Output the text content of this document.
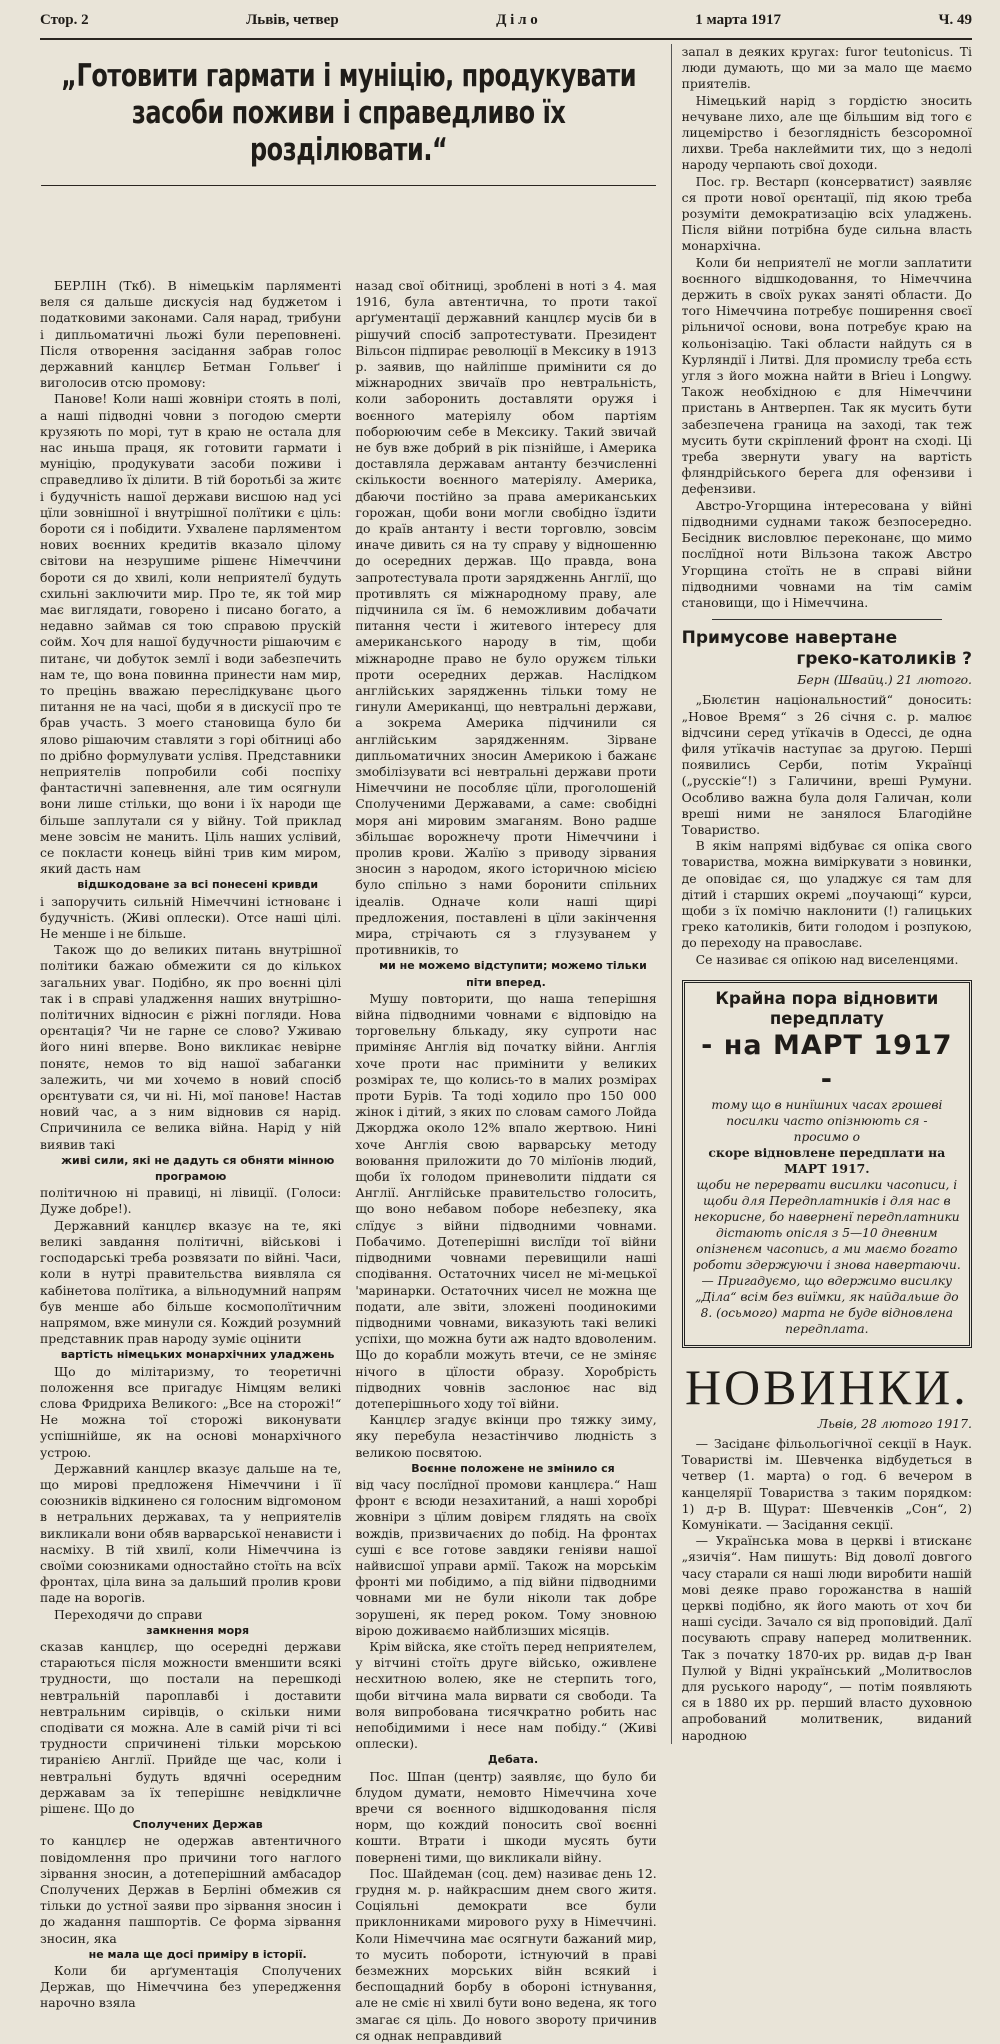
Стор. 2	Львів, четвер	Д і л о	1 марта 1917	Ч. 49
„Готовити гармати і муніцію, продукувати засоби поживи і справедливо їх розділювати.“

запал в деяких кругах: furor teutonicus. Ті люди думають, що ми за мало ще маємо приятелів.

Німецький нарід з гордістю зносить нечуване лихо, але ще більшим від того є лицемірство і безоглядність безсоромної лихви. Треба наклеймити тих, що з недолі народу черпають свої доходи.

Пос. гр. Вестарп (консерватист) заявляє ся проти нової орєнтації, під якою треба розуміти демократизацію всіх уладжень. Після війни потрібна буде сильна власть монархічна.

Коли би неприятелї не могли заплатити воєнного відшкодовання, то Німеччина держить в своїх руках заняті области. До того Німеччина потребує поширення своєї рільничої основи, вона потребує краю на кольонізацію. Такі области найдуть ся в Курляндії і Литві. Для промислу треба єсть угля з його можна найти в Brieu і Longwy. Також необхідною є для Німеччини пристань в Антверпен. Так як мусить бути забезпечена граница на заході, так теж мусить бути скріплений фронт на сході. Ці треба звернути увагу на вартість фляндрійського берега для офензиви і дефензиви.

Австро-Угорщина інтересована у війні підводними суднами також безпосередно. Бесідник висловлює переконанє, що мимо послїдної ноти Вільзона також Австро Угорщина стоїть не в справі війни підводними човнами на тім самім становищи, що і Німеччина.

Примусове навертане
греко-католиків ?
Берн (Швайц.) 21 лютого.

„Бюлєтин національностий“ доносить: „Новое Время“ з 26 січня с. р. малює відчсини серед утїкачів в Одессі, де одна филя утїкачів наступає за другою. Перші появились Серби, потім Українці („русскіе“!) з Галичини, вреші Румуни. Особливо важна була доля Галичан, коли вреші ними не занялося Благодійне Товариство.

В якім напрямі відбуває ся опіка свого товариства, можна виміркувати з новинки, де оповідає ся, що уладжує ся там для дітий і старших окремі „поучающі“ курси, щоби з їх помічю наклонити (!) галицьких греко католиків, бити голодом і розпукою, до переходу на православє.

Се називає ся опікою над виселенцями.

Крайна пора відновити передплату
- на МАРТ 1917 -
тому що в нинїшних часах грошеві посилки часто опізнюють ся -
просимо о
скоре відновлене передплати на МАРТ 1917.
щоби не перервати висилки часописи, і щоби для Передплатників і для нас в некорисне, бо наверненї передплатники дістають опісля з 5—10 дневним опізненєм часопись, а ми маємо богато роботи здержуючи і знова навертаючи. — Пригадуємо, що вдержимо висилку „Діла“ всім без виїмки, як найдальше до 8. (осьмого) марта не буде відновлена передплата.
НОВИНКИ.
Львів, 28 лютого 1917.

— Засіданє фільольогічної секції в Наук. Товаристві ім. Шевченка відбудеться в четвер (1. марта) о год. 6 вечером в канцелярії Товариства з таким порядком: 1) д-р В. Щурат: Шевченків „Сон“, 2) Комунікати. — Засідання секції.

— Українська мова в церкві і втисканє „язичія“. Нам пишуть: Від доволї довгого часу старали ся наші люди виробити нашій мові деяке право горожанства в нашій церкві подібно, як його мають от хоч би наші сусіди. Зачало ся від проповідий. Далї посувають справу наперед молитвенник. Так з початку 1870-их рр. видав д-р Іван Пулюй у Відні український „Молитвослов для руського народу“, — потім появляють ся в 1880 их рр. перший власто духовною апробований молитвеник, виданий народною

БЕРЛІН (Ткб). В німецькім парляменті веля ся дальше дискусія над буджетом і податковими законами. Саля нарад, трибуни і дипльоматичні льожі були переповнені. Після отворення засідання забрав голос державний канцлєр Бетман Гольвеґ і виголосив отсю промову:

Панове! Коли наші жовніри стоять в полі, а наші підводні човни з погодою смерти крузяють по морі, тут в краю не остала для нас иньша праця, як готовити гармати і муніцію, продукувати засоби поживи і справедливо їх ділити. В тій боротьбі за житє і будучність нашої держави висшою над усі цїли зовнішної і внутрішної полїтики є ціль: бороти ся і побідити. Ухвалене парляментом нових воєнних кредитів вказало цілому світови на незрушиме рішенє Німеччини бороти ся до хвилі, коли неприятелї будуть схильні заключити мир. Про те, як той мир має виглядати, говорено і писано богато, а недавно займав ся тою справою прускій сойм. Хоч для нашої будучности рішаючим є питанє, чи добуток землї і води забезпечить нам те, що вона повинна принести нам мир, то прецінь вважаю переслідкуванє цього питання не на часі, щоби я в дискусії про те брав участь. З моего становища було би ялово рішаючим ставляти з горі обітниці або по дрібно формулувати услівя. Представники неприятелів попробили собі поспіху фантастичні запевнення, але тим осягнули вони лише стільки, що вони і їх народи ще більше заплутали ся у війну. Той приклад мене зовсім не манить. Ціль наших услівий, се покласти конець війні трив ким миром, який дасть нам

відшкодоване за всі понесені кривди

і запоручить сильній Німеччині істнованє і будучність. (Живі оплески). Отсе наші цілі. Не менше і не більше.

Також що до великих питань внутрішної політики бажаю обмежити ся до кількох загальних уваг. Подібно, як про воєнні цілі так і в справі уладження наших внутрішно-політичних відносин є ріжні погляди. Нова орєнтація? Чи не гарне се слово? Уживаю його нині вперве. Воно викликає невірне понятє, немов то від нашої забаганки залежить, чи ми хочемо в новий спосіб орєнтувати ся, чи ні. Ні, мої панове! Настав новий час, а з ним відновив ся нарід. Спричинила се велика війна. Нарід у ній виявив такі

живі сили, які не дадуть ся обняти мінною програмою

політичною ні правиці, ні лівиції. (Голоси: Дуже добре!).

Державний канцлєр вказує на те, які великі завдання політичні, військові і господарські треба розвязати по війні. Часи, коли в нутрі правительства виявляла ся кабінетова полїтика, а вільнодумний напрям був менше або більше космополїтичним напрямом, вже минули ся. Кождий розумний представник прав народу зуміє оцінити

вартість німецьких монархічних уладжень

Що до мілітаризму, то теоретичні положення все пригадує Німцям великі слова Фридриха Великого: „Все на сторожі!“ Не можна тої сторожі виконувати успішнійше, як на основі монархічного устрою.

Державний канцлєр вказує дальше на те, що мирові предложеня Німеччини і її союзників відкинено ся голосним відгомоном в нетральних державах, та у неприятелів викликали вони обяв варварської ненависти і насміху. В тій хвилї, коли Німеччина із своїми союзниками одностайно стоїть на всїх фронтах, ціла вина за дальший пролив крови паде на ворогів.

Переходячи до справи

замкнення моря

сказав канцлєр, що осередні держави стараються після можности вменшити всякі трудности, що постали на перешкоді невтральній пароплавбі і доставити невтральним сирівців, о скільки ними сподівати ся можна. Але в самій річи ті всі трудности спричинені тільки морською тиранією Англії. Прийде ще час, коли і невтральні будуть вдячні осередним державам за їх теперішнє невідкличне рішенє. Що до

Сполучених Держав

то канцлєр не одержав автентичного повідомлення про причини того наглого зірвання зносин, а дотеперішний амбасадор Сполучених Держав в Берліні обмежив ся тільки до устної заяви про зірвання зносин і до жадання пашпортів. Се форма зірвання зносин, яка

не мала ще досі приміру в історії.

Коли би арґументація Сполучених Держав, що Німеччина без упередження нарочно взяла

назад свої обітниці, зроблені в ноті з 4. мая 1916, була автентична, то проти такої арґументації державний канцлєр мусів би в рішучий спосіб запротестувати. Президент Вільсон підпирає революції в Мексику в 1913 р. заявив, що найліпше примінити ся до міжнародних звичаїв про невтральність, коли заборонить доставляти оружя і воєнного матеріялу обом партіям поборюючим себе в Мексику. Такий звичай не був вже добрий в рік пізнійше, і Америка доставляла державам антанту безчисленні скількости воєнного матеріялу. Америка, дбаючи постійно за права американських горожан, щоби вони могли свобідно їздити до країв антанту і вести торговлю, зовсім иначе дивить ся на ту справу у відношенню до осередних держав. Що правда, вона запротестувала проти зарядженнь Англії, що противлять ся міжнародному праву, але підчинила ся їм. 6 неможливим добачати питання чести і житевого інтересу для американського народу в тім, щоби міжнародне право не було оружєм тільки проти осередних держав. Наслідком англійських зарядженнь тільки тому не гинули Американці, що невтральні держави, а зокрема Америка підчинили ся англійським зарядженням. Зірване дипльоматичних зносин Америкою і бажанє змобілізувати всі невтральні держави проти Німеччини не пособляє цїли, проголошеній Сполученими Державами, а саме: свобідні моря ані мировим змаганям. Воно радше збільшає ворожнечу проти Німеччини і пролив крови. Жалїю з приводу зірвания зносин з народом, якого історичною місією було спільно з нами боронити спільних ідеалів. Одначе коли наші щирі предложения, поставлені в цїли закінчення мира, стрічають ся з глузуванем у противників, то

ми не можемо відступити; можемо тільки піти вперед.

Мушу повторити, що наша теперішня війна підводними човнами є відповідю на торговельну блькаду, яку супроти нас приміняє Англія від початку війни. Англія хоче проти нас примінити у великих розмірах те, що колись-то в малих розмірах проти Бурів. Та тоді ходило про 150 000 жінок і дітий, з яких по словам самого Лойда Джорджа около 12% впало жертвою. Нині хоче Англія свою варварську методу воювання приложити до 70 мілїонів людий, щоби їх голодом приневолити піддати ся Англії. Англійське правительство голосить, що воно небавом поборе небезпеку, яка слїдує з війни підводними човнами. Побачимо. Дотеперішні вислїди тої війни підводними човнами перевищили наші сподівання. Остаточних чисел не мі-мецької 'маринарки. Остаточних чисел не можна ще подати, але звіти, зложені поодинокими підводними човнами, виказують такі великі успіхи, що можна бути аж надто вдоволеним. Що до корабли можуть втечи, се не зміняє нічого в цїлости образу. Хоробрість підводних човнів заслонює нас від дотеперішнього ходу тої війни.

Канцлєр згадує вкінци про тяжку зиму, яку перебула незастінчиво людність з великою посвятою.

Воєнне положене не змінило ся

від часу послїдної промови канцлєра.“ Наш фронт є всюди незахитаний, а наші хоробрі жовніри з цїлим довірєм глядять на своїх вождів, призвичаєних до побід. На фронтах суші є все готове завдяки геніяви нашої найвисшої управи армії. Також на морськім фронті ми побідимо, а під війни підводними човнами ми не були ніколи так добре зорушені, як перед роком. Тому зновною вірою доживаємо найблизших місяців.

Крім війска, яке стоїть перед неприятелем, у вітчині стоїть друге військо, оживлене несхитною волею, яке не стерпить того, щоби вітчина мала вирвати ся свободи. Та воля випробована тисячкратно робить нас непобідимими і несе нам побіду.“ (Живі оплески).

Дебата.

Пос. Шпан (центр) заявляє, що було би блудом думати, немовто Німеччина хоче вречи ся воєнного відшкодовання після норм, що кождий поносить свої воєнні кошти. Втрати і шкоди мусять бути повернені тими, що викликали війну.

Пос. Шайдеман (соц. дем) називає день 12. грудня м. р. найкрасшим днем свого житя. Соціяльні демократи все були приклонниками мирового руху в Німеччині. Коли Німеччина має осягнути бажаний мир, то мусить побороти, істнуючий в праві безмежних морських війн всякий і беспощадний борбу в обороні істнування, але не сміє ні хвилі бути воно ведена, як того змагає ся ціль. До нового звороту причинив ся однак неправдивий
